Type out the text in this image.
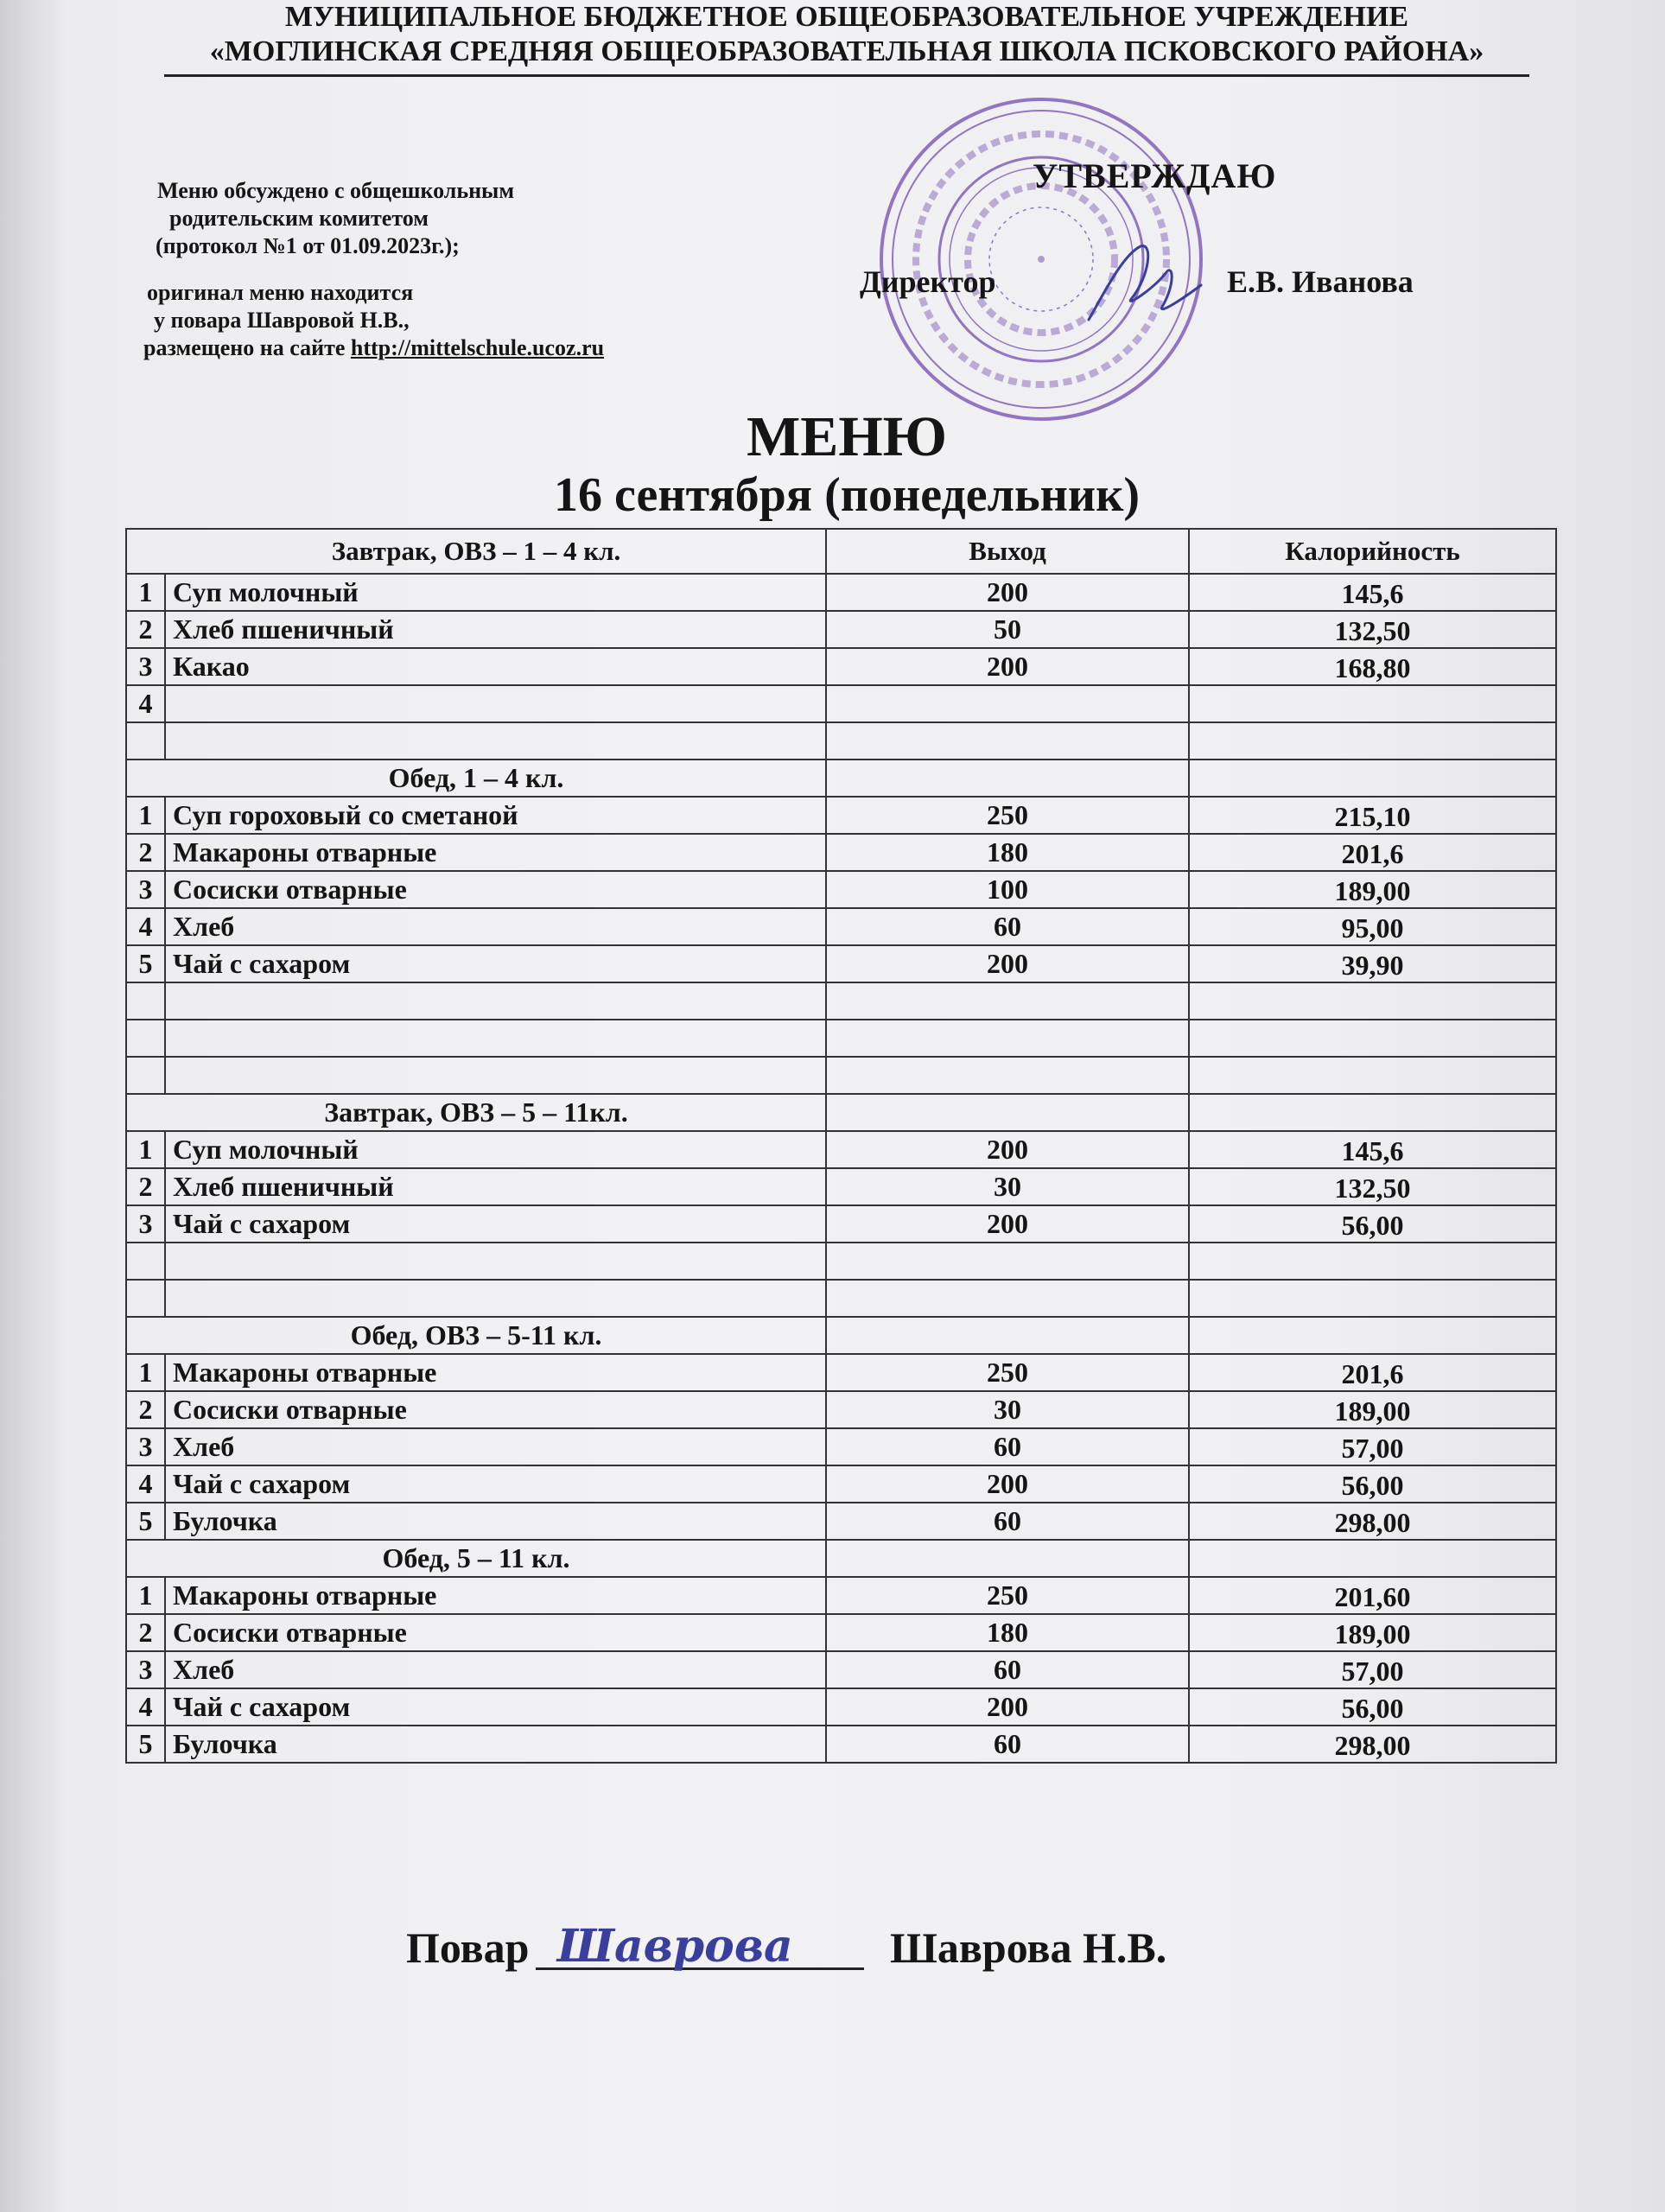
МУНИЦИПАЛЬНОЕ БЮДЖЕТНОЕ ОБЩЕОБРАЗОВАТЕЛЬНОЕ УЧРЕЖДЕНИЕ
«МОГЛИНСКАЯ СРЕДНЯЯ ОБЩЕОБРАЗОВАТЕЛЬНАЯ ШКОЛА ПСКОВСКОГО РАЙОНА»
Меню обсуждено с общешкольным
родительским комитетом
(протокол №1 от 01.09.2023г.);
оригинал меню находится
у повара Шавровой Н.В.,
размещено на сайте http://mittelschule.ucoz.ru
УТВЕРЖДАЮ
Директор	Е.В. Иванова
МЕНЮ
16 сентября (понедельник)
Завтрак, ОВЗ – 1 – 4 кл.		Выход	Калорийность
1	Суп молочный	200	145,6
2	Хлеб пшеничный	50	132,50
3	Какао	200	168,80
4			

Обед, 1 – 4 кл.			
1	Суп гороховый со сметаной	250	215,10
2	Макароны отварные	180	201,6
3	Сосиски отварные	100	189,00
4	Хлеб	60	95,00
5	Чай с сахаром	200	39,90

Завтрак, ОВЗ – 5 – 11кл.			
1	Суп молочный	200	145,6
2	Хлеб пшеничный	30	132,50
3	Чай с сахаром	200	56,00

Обед, ОВЗ – 5-11 кл.			
1	Макароны отварные	250	201,6
2	Сосиски отварные	30	189,00
3	Хлеб	60	57,00
4	Чай с сахаром	200	56,00
5	Булочка	60	298,00
Обед, 5 – 11 кл.			
1	Макароны отварные	250	201,60
2	Сосиски отварные	180	189,00
3	Хлеб	60	57,00
4	Чай с сахаром	200	56,00
5	Булочка	60	298,00
Повар Шаврова Шаврова Н.В.
